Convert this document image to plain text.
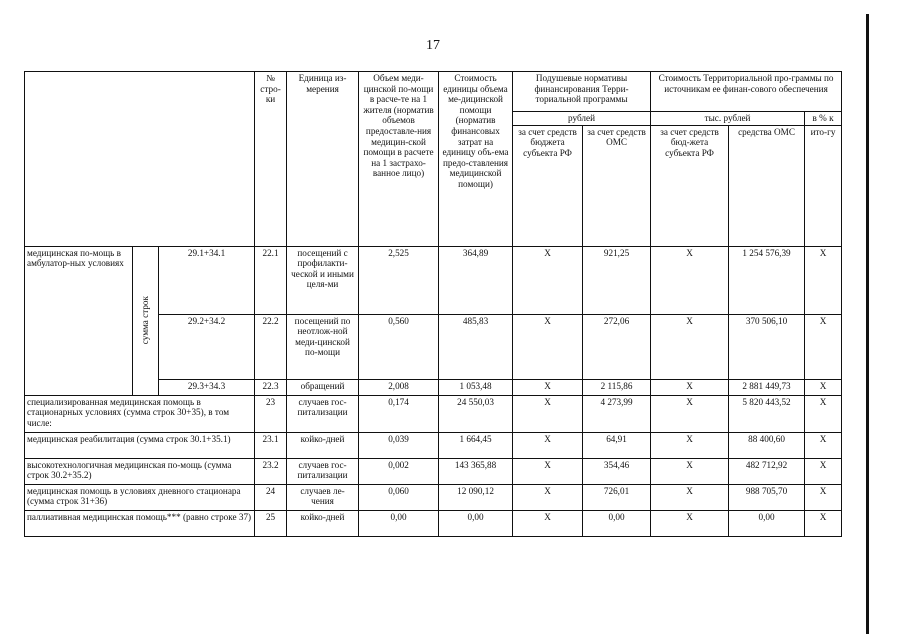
17
			№ стро-ки	Единица из-мерения	Объем меди-цинской по-мощи в расче-те на 1 жителя (норматив объемов предоставле-ния медицин-ской помощи в расчете на 1 застрахо-ванное лицо)	Стоимость единицы объема ме-дицинской помощи (норматив финансовых затрат на единицу объ-ема предо-ставления медицинской помощи)	Подушевые нормативы финансирования Терри-ториальной программы		Стоимость Территориальной про-граммы по источникам ее финан-сового обеспечения		
							рублей		тыс. рублей		в % к
							за счет средств бюджета субъекта РФ	за счет средств ОМС	за счет средств бюд-жета субъекта РФ	средства ОМС	ито-гу
медицинская по-мощь в амбулатор-ных условиях	сумма строк	29.1+34.1	22.1	посещений с профилакти-ческой и иными целя-ми	2,525	364,89	X	921,25	X	1 254 576,39	X
		29.2+34.2	22.2	посещений по неотлож-ной меди-цинской по-мощи	0,560	485,83	X	272,06	X	370 506,10	X
		29.3+34.3	22.3	обращений	2,008	1 053,48	X	2 115,86	X	2 881 449,73	X
специализированная медицинская помощь в стационарных условиях (сумма строк 30+35), в том числе:			23	случаев гос-питализации	0,174	24 550,03	X	4 273,99	X	5 820 443,52	X
медицинская реабилитация (сумма строк 30.1+35.1)			23.1	койко-дней	0,039	1 664,45	X	64,91	X	88 400,60	X
высокотехнологичная медицинская по-мощь (сумма строк 30.2+35.2)			23.2	случаев гос-питализации	0,002	143 365,88	X	354,46	X	482 712,92	X
медицинская помощь в условиях дневного стационара (сумма строк 31+36)			24	случаев ле-чения	0,060	12 090,12	X	726,01	X	988 705,70	X
паллиативная медицинская помощь*** (равно строке 37)			25	койко-дней	0,00	0,00	X	0,00	X	0,00	X
